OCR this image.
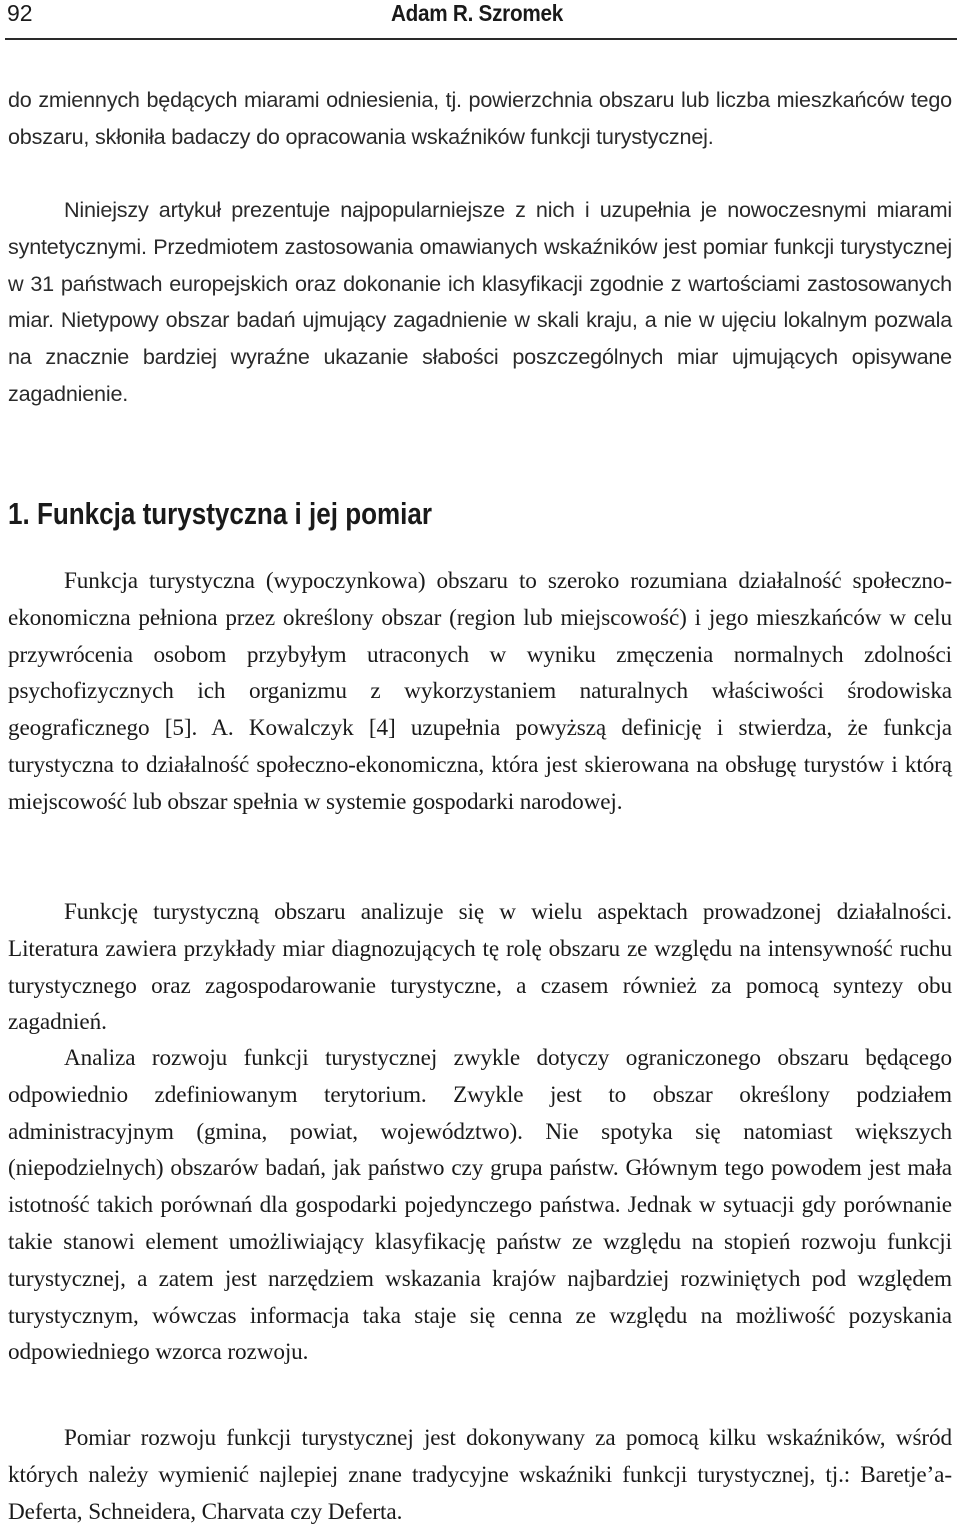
92	Adam R. Szromek

do zmiennych będących miarami odniesienia, tj. powierzchnia obszaru lub liczba mieszkańców tego obszaru, skłoniła badaczy do opracowania wskaźników funkcji turystycznej.

Niniejszy artykuł prezentuje najpopularniejsze z nich i uzupełnia je nowoczesnymi miarami syntetycznymi. Przedmiotem zastosowania omawianych wskaźników jest pomiar funkcji turystycznej w 31 państwach europejskich oraz dokonanie ich klasyfikacji zgodnie z wartościami zastosowanych miar. Nietypowy obszar badań ujmujący zagadnienie w skali kraju, a nie w ujęciu lokalnym pozwala na znacznie bardziej wyraźne ukazanie słabości poszczególnych miar ujmujących opisywane zagadnienie.

1. Funkcja turystyczna i jej pomiar

Funkcja turystyczna (wypoczynkowa) obszaru to szeroko rozumiana działalność społeczno-ekonomiczna pełniona przez określony obszar (region lub miejscowość) i jego mieszkańców w celu przywrócenia osobom przybyłym utraconych w wyniku zmęczenia normalnych zdolności psychofizycznych ich organizmu z wykorzystaniem naturalnych właściwości środowiska geograficznego [5]. A. Kowalczyk [4] uzupełnia powyższą definicję i stwierdza, że funkcja turystyczna to działalność społeczno-ekonomiczna, która jest skierowana na obsługę turystów i którą miejscowość lub obszar spełnia w systemie gospodarki narodowej.

Funkcję turystyczną obszaru analizuje się w wielu aspektach prowadzonej działalności. Literatura zawiera przykłady miar diagnozujących tę rolę obszaru ze względu na intensywność ruchu turystycznego oraz zagospodarowanie turystyczne, a czasem również za pomocą syntezy obu zagadnień.

Analiza rozwoju funkcji turystycznej zwykle dotyczy ograniczonego obszaru będącego odpowiednio zdefiniowanym terytorium. Zwykle jest to obszar określony podziałem administracyjnym (gmina, powiat, województwo). Nie spotyka się natomiast większych (niepodzielnych) obszarów badań, jak państwo czy grupa państw. Głównym tego powodem jest mała istotność takich porównań dla gospodarki pojedynczego państwa. Jednak w sytuacji gdy porównanie takie stanowi element umożliwiający klasyfikację państw ze względu na stopień rozwoju funkcji turystycznej, a zatem jest narzędziem wskazania krajów najbardziej rozwiniętych pod względem turystycznym, wówczas informacja taka staje się cenna ze względu na możliwość pozyskania odpowiedniego wzorca rozwoju.

Pomiar rozwoju funkcji turystycznej jest dokonywany za pomocą kilku wskaźników, wśród których należy wymienić najlepiej znane tradycyjne wskaźniki funkcji turystycznej, tj.: Baretje’a-Deferta, Schneidera, Charvata czy Deferta.
